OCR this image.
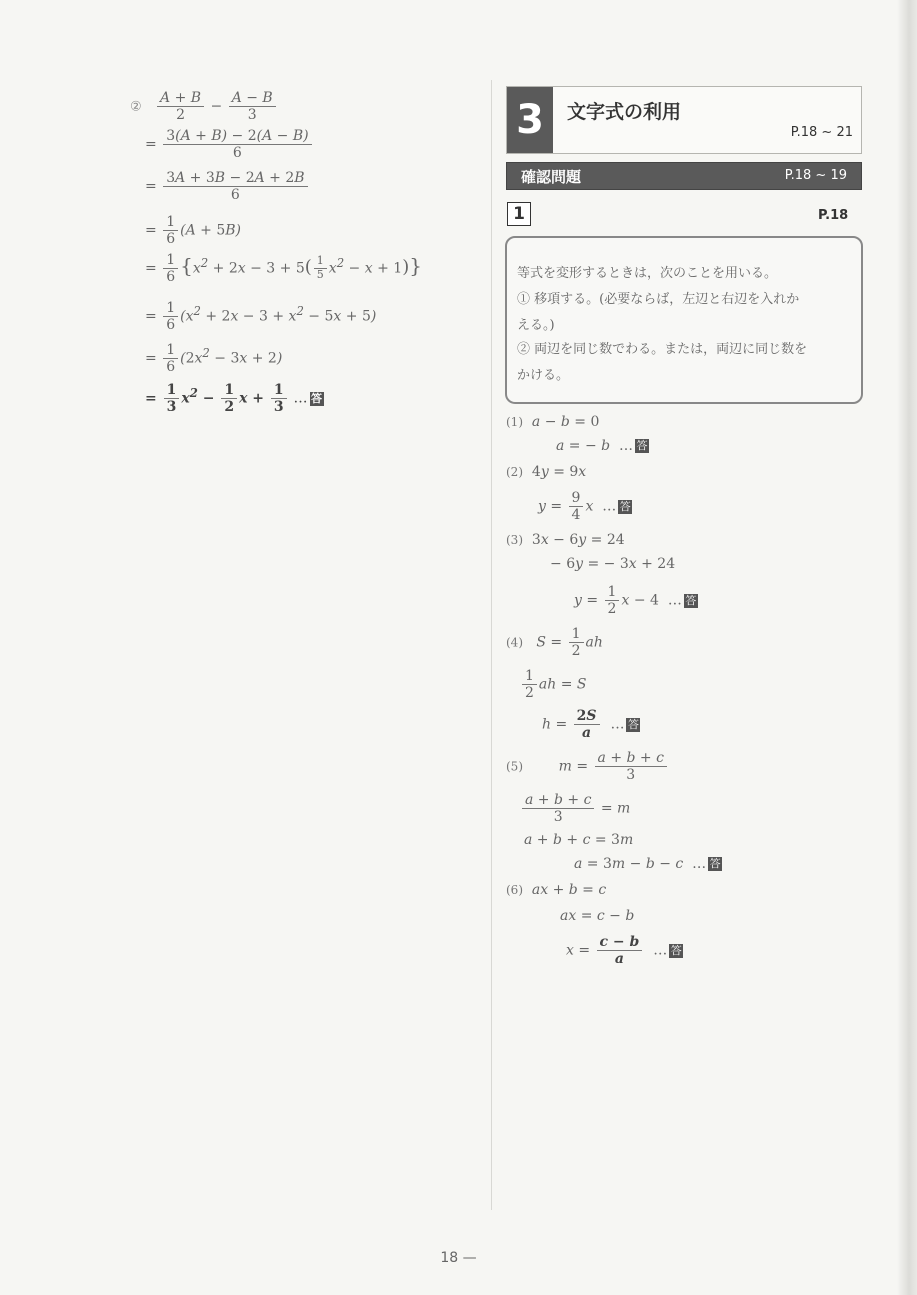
② $\frac{A + B}{2} - \frac{A - B}{3}$
= $\frac{3(A + B) - 2(A - B)}{6}$
= $\frac{3A + 3B - 2A + 2B}{6}$
= $\frac{1}{6} (A + 5B)$
= $\frac{1}{6} \{x^2 + 2x - 3 + 5( \frac{1}{5} x^2 - x + 1)\}$
= $\frac{1}{6} (x^2 + 2x - 3 + x^2 - 5x + 5)$
= $\frac{1}{6} (2x^2 - 3x + 2)$
= $\frac{1}{3} x^2 - \frac{1}{2}$ $x + \frac{1}{3}$ … 答
3	文字式の利用
P.18 ~ 21
確認問題	P.18 ~ 19
1	P.18
等式を変形するときは，次のことを用いる。
① 移項する。(必要ならば，左辺と右辺を入れか
える。)
② 両辺を同じ数でわる。または，両辺に同じ数を
かける。
(1)  a − b = 0
a = − b  … 答
(2) 4y = 9x
$y = \frac{9}{4}$ x  … 答
(3) 3x − 6y = 24
− 6y = − 3x + 24
$y = \frac{1}{2}$ x − 4 … 答
(4)   $S = \frac{1}{2}$ ah
$\frac{1}{2}$ ah = S
$h = \frac{2S}{a}$ … 答
(5)        $m = \frac{a + b + c}{3}$
$\frac{a + b + c}{3} = m$
a + b + c = 3m
a = 3m − b − c  … 答
(6)  ax + b = c
ax = c − b
$x = \frac{c - b}{a}$ … 答
18 —
